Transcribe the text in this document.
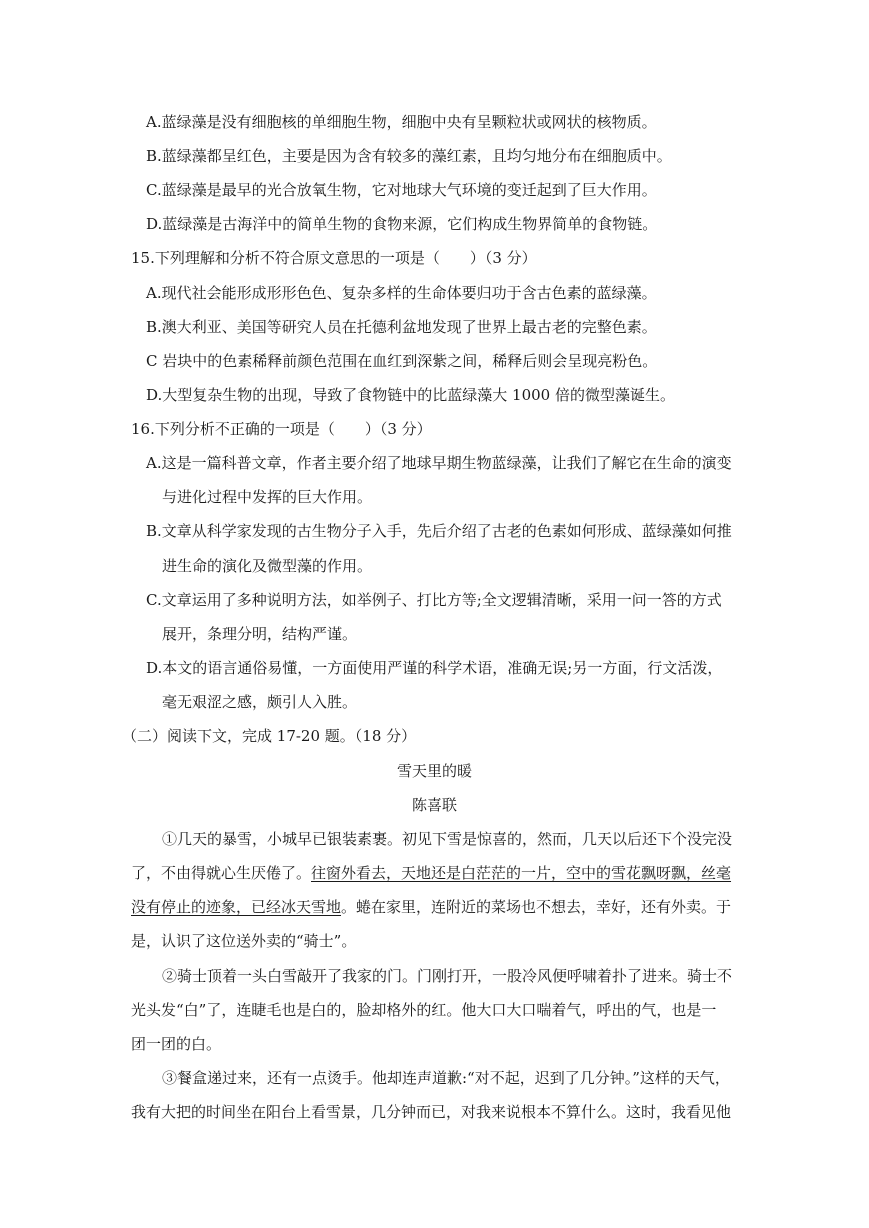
A.蓝绿藻是没有细胞核的单细胞生物，细胞中央有呈颗粒状或网状的核物质。
B.蓝绿藻都呈红色，主要是因为含有较多的藻红素，且均匀地分布在细胞质中。
C.蓝绿藻是最早的光合放氧生物，它对地球大气环境的变迁起到了巨大作用。
D.蓝绿藻是古海洋中的简单生物的食物来源，它们构成生物界简单的食物链。
15.下列理解和分析不符合原文意思的一项是（　　）（3 分）
A.现代社会能形成形形色色、复杂多样的生命体要归功于含古色素的蓝绿藻。
B.澳大利亚、美国等研究人员在托德利盆地发现了世界上最古老的完整色素。
C 岩块中的色素稀释前颜色范围在血红到深紫之间，稀释后则会呈现亮粉色。
D.大型复杂生物的出现，导致了食物链中的比蓝绿藻大 1000 倍的微型藻诞生。
16.下列分析不正确的一项是（　　）（3 分）
A.这是一篇科普文章，作者主要介绍了地球早期生物蓝绿藻，让我们了解它在生命的演变
与进化过程中发挥的巨大作用。
B.文章从科学家发现的古生物分子入手，先后介绍了古老的色素如何形成、蓝绿藻如何推
进生命的演化及微型藻的作用。
C.文章运用了多种说明方法，如举例子、打比方等;全文逻辑清晰，采用一问一答的方式
展开，条理分明，结构严谨。
D.本文的语言通俗易懂，一方面使用严谨的科学术语，准确无误;另一方面，行文活泼，
毫无艰涩之感，颇引人入胜。
（二）阅读下文，完成 17-20 题。（18 分）
雪天里的暖
陈喜联
①几天的暴雪，小城早已银装素裹。初见下雪是惊喜的，然而，几天以后还下个没完没
了，不由得就心生厌倦了。往窗外看去，天地还是白茫茫的一片，空中的雪花飘呀飘，丝毫
没有停止的迹象，已经冰天雪地。蜷在家里，连附近的菜场也不想去，幸好，还有外卖。于
是，认识了这位送外卖的“骑士”。
②骑士顶着一头白雪敲开了我家的门。门刚打开，一股冷风便呼啸着扑了进来。骑士不
光头发“白”了，连睫毛也是白的，脸却格外的红。他大口大口喘着气，呼出的气，也是一
团一团的白。
③餐盒递过来，还有一点烫手。他却连声道歉:“对不起，迟到了几分钟。”这样的天气，
我有大把的时间坐在阳台上看雪景，几分钟而已，对我来说根本不算什么。这时，我看见他
